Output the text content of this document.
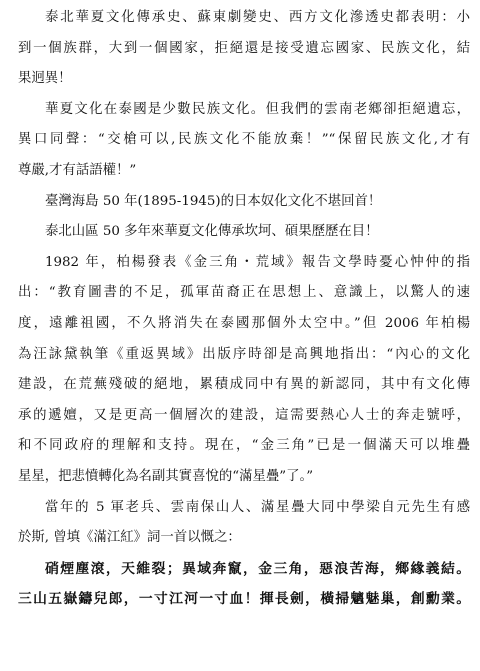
泰北華夏文化傳承史、蘇東劇變史、西方文化滲透史都表明：小
到一個族群，大到一個國家，拒絕還是接受遺忘國家、民族文化，結
果迥異！
華夏文化在泰國是少數民族文化。但我們的雲南老鄉卻拒絕遺忘，
異口同聲：“交槍可以,民族文化不能放棄！”“保留民族文化,才有
尊嚴,才有話語權！”
臺灣海島 50 年(1895-1945)的日本奴化文化不堪回首！
泰北山區 50 多年來華夏文化傳承坎坷、碩果歷歷在目！
1982 年，柏楊發表《金三角・荒域》報告文學時憂心忡仲的指
出：“教育圖書的不足，孤軍苗裔正在思想上、意識上，以驚人的速
度，遠離祖國，不久將消失在泰國那個外太空中。”但 2006 年柏楊
為汪詠黛執筆《重返異域》出版序時卻是高興地指出：“內心的文化
建設，在荒蕪殘破的絕地，累積成同中有異的新認同，其中有文化傳
承的遞嬗，又是更高一個層次的建設，這需要熱心人士的奔走號呼，
和不同政府的理解和支持。現在，“金三角”已是一個滿天可以堆疊
星星，把悲憤轉化為名副其實喜悅的“滿星疊”了。”
當年的 5 軍老兵、雲南保山人、滿星疊大同中學梁自元先生有感
於斯, 曾填《滿江紅》詞一首以慨之：
硝煙塵滾，天維裂；異域奔竄，金三角，惡浪苦海，鄉緣義結。
三山五嶽鑄兒郎，一寸江河一寸血！揮長劍，橫掃魑魅巢，創勳業。
